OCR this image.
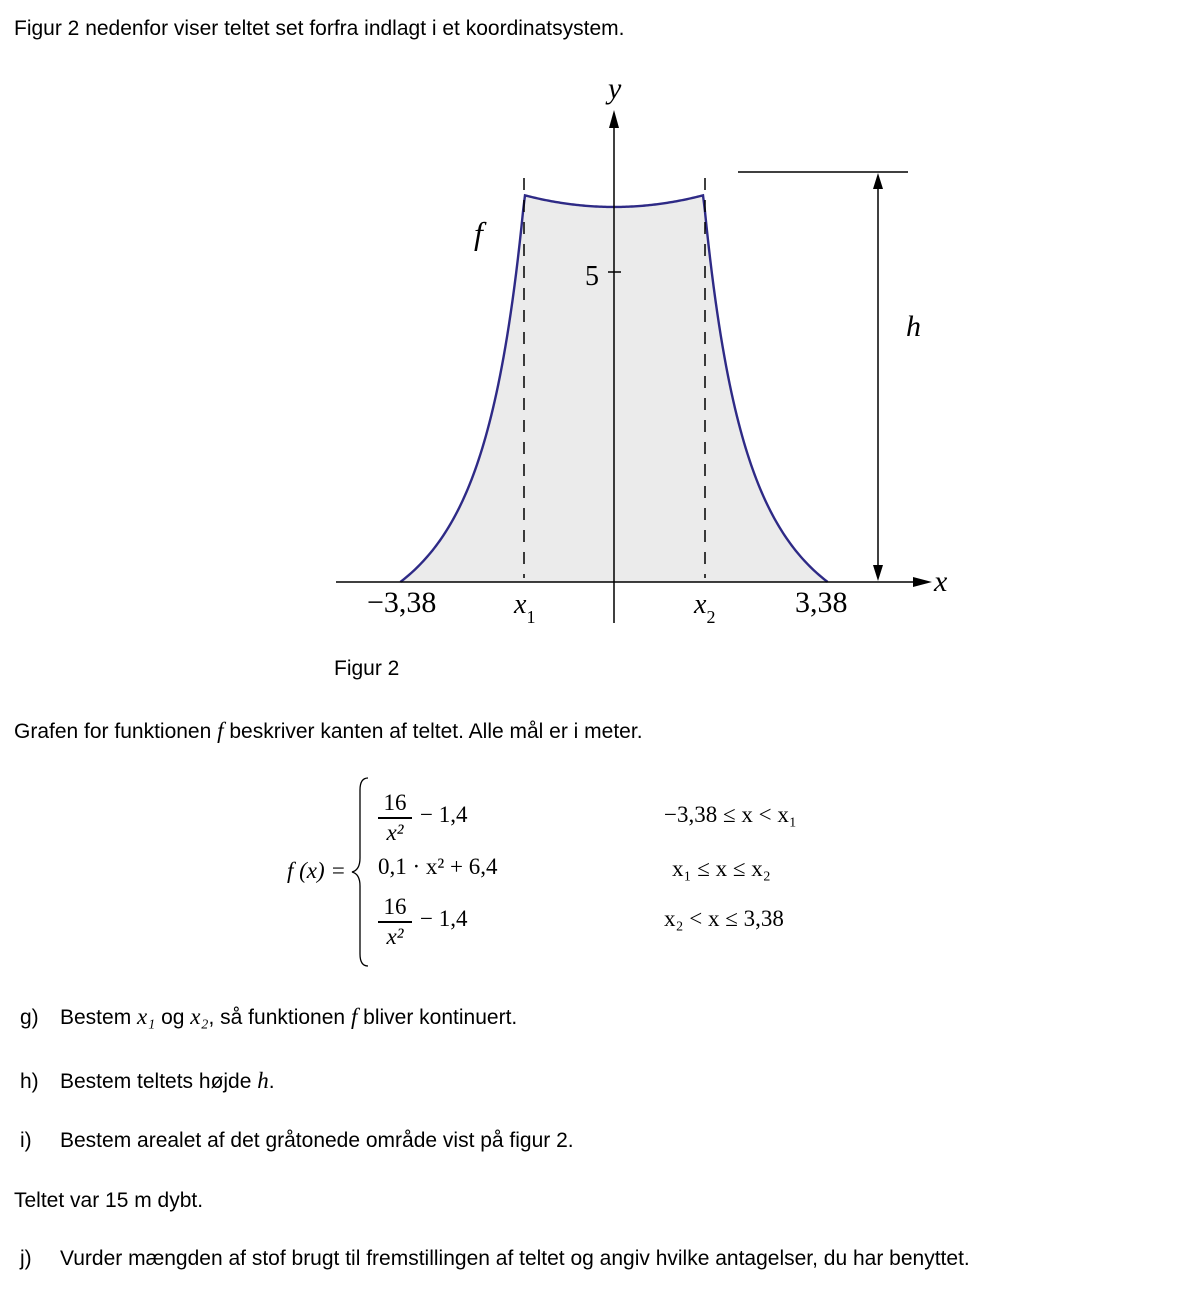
Figur 2 nedenfor viser teltet set forfra indlagt i et koordinatsystem.
y
x
f
5
−3,38	3,38
$x_1$	$x_2$
h
Figur 2
Grafen for funktionen f beskriver kanten af teltet. Alle mål er i meter.
f (x) =
16
x²
− 1,4	−3,38 ≤ x < x₁
0,1 · x² + 6,4	x₁ ≤ x ≤ x₂
16
x²
− 1,4	x₂ < x ≤ 3,38
g) Bestem x₁ og x₂, så funktionen f bliver kontinuert.
h) Bestem teltets højde h.
i) Bestem arealet af det gråtonede område vist på figur 2.
Teltet var 15 m dybt.
j) Vurder mængden af stof brugt til fremstillingen af teltet og angiv hvilke antagelser, du har benyttet.
